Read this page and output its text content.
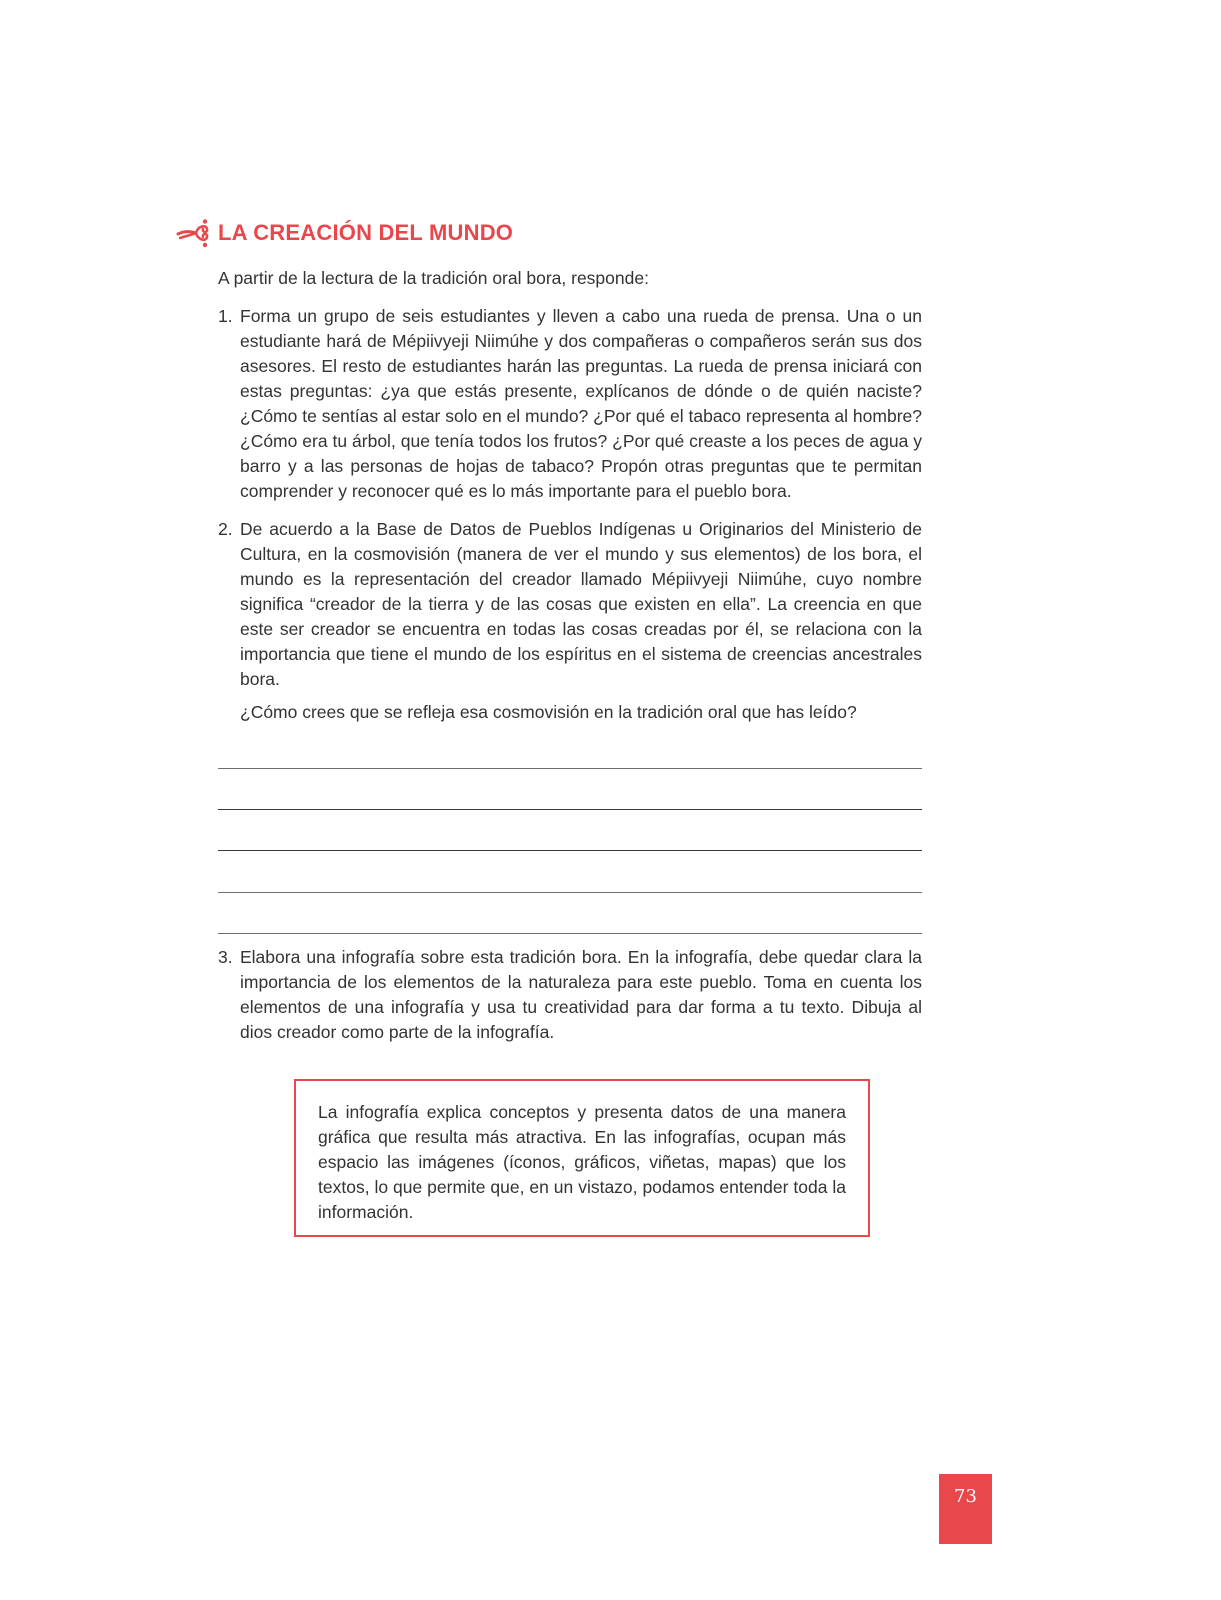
LA CREACIÓN DEL MUNDO
A partir de la lectura de la tradición oral bora, responde:
1. Forma un grupo de seis estudiantes y lleven a cabo una rueda de prensa. Una o un estudiante hará de Mépiivyeji Niimúhe y dos compañeras o compañeros serán sus dos asesores. El resto de estudiantes harán las preguntas. La rueda de prensa iniciará con estas preguntas: ¿ya que estás presente, explícanos de dónde o de quién naciste? ¿Cómo te sentías al estar solo en el mundo? ¿Por qué el tabaco representa al hombre? ¿Cómo era tu árbol, que tenía todos los frutos? ¿Por qué creaste a los peces de agua y barro y a las personas de hojas de tabaco? Propón otras preguntas que te permitan comprender y reconocer qué es lo más importante para el pueblo bora.

2. De acuerdo a la Base de Datos de Pueblos Indígenas u Originarios del Ministerio de Cultura, en la cosmovisión (manera de ver el mundo y sus elementos) de los bora, el mundo es la representación del creador llamado Mépiivyeji Niimúhe, cuyo nombre significa “creador de la tierra y de las cosas que existen en ella”. La creencia en que este ser creador se encuentra en todas las cosas creadas por él, se relaciona con la importancia que tiene el mundo de los espíritus en el sistema de creencias ancestrales bora.

¿Cómo crees que se refleja esa cosmovisión en la tradición oral que has leído?
3. Elabora una infografía sobre esta tradición bora. En la infografía, debe quedar clara la importancia de los elementos de la naturaleza para este pueblo. Toma en cuenta los elementos de una infografía y usa tu creatividad para dar forma a tu texto. Dibuja al dios creador como parte de la infografía.

La infografía explica conceptos y presenta datos de una manera gráfica que resulta más atractiva. En las infografías, ocupan más espacio las imágenes (íconos, gráficos, viñetas, mapas) que los textos, lo que permite que, en un vistazo, podamos entender toda la información.
73
